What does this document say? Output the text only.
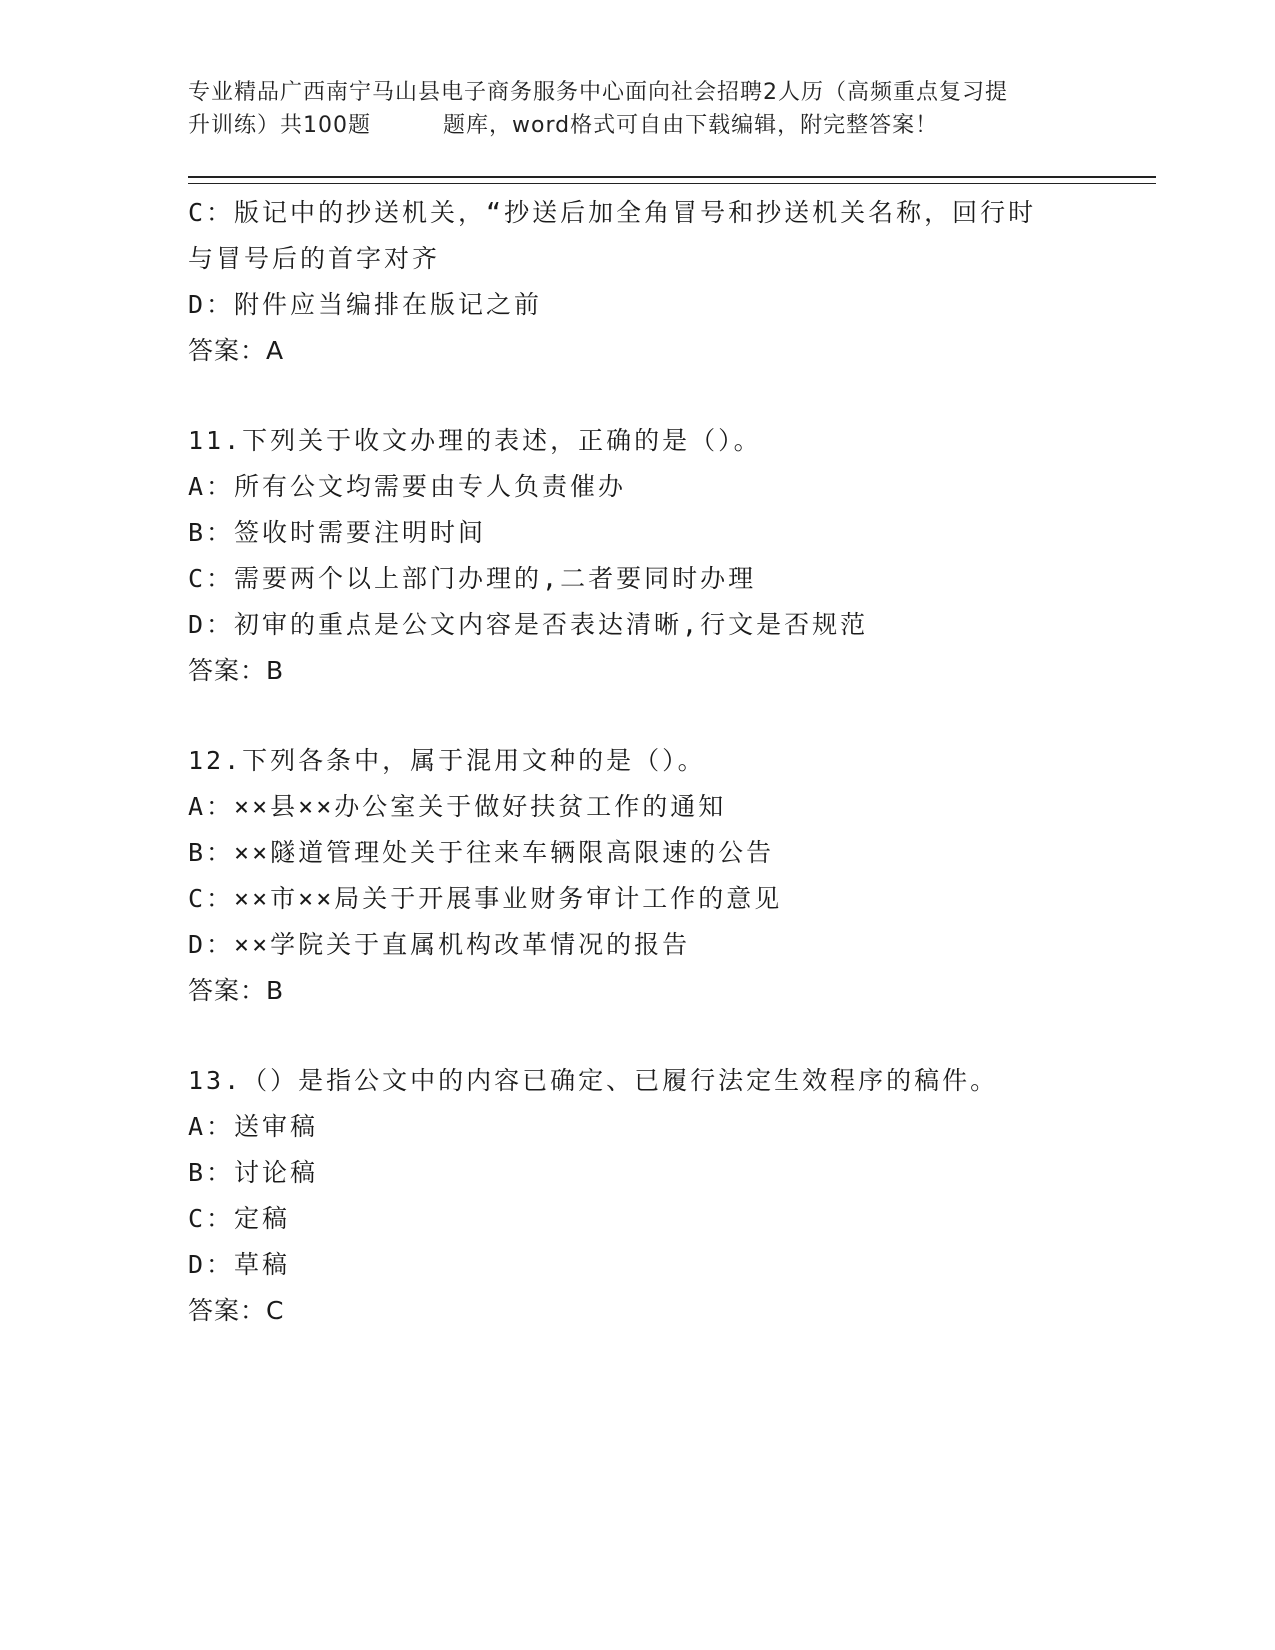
专业精品广西南宁马山县电子商务服务中心面向社会招聘2人历（高频重点复习提
升训练）共100题	题库，word格式可自由下载编辑，附完整答案！
C：版记中的抄送机关，“抄送后加全角冒号和抄送机关名称，回行时
与冒号后的首字对齐
D：附件应当编排在版记之前
答案：A
11.下列关于收文办理的表述，正确的是（）。
A：所有公文均需要由专人负责催办
B：签收时需要注明时间
C：需要两个以上部门办理的,二者要同时办理
D：初审的重点是公文内容是否表达清晰,行文是否规范
答案：B
12.下列各条中，属于混用文种的是（）。
A：××县××办公室关于做好扶贫工作的通知
B：××隧道管理处关于往来车辆限高限速的公告
C：××市××局关于开展事业财务审计工作的意见
D：××学院关于直属机构改革情况的报告
答案：B
13.（）是指公文中的内容已确定、已履行法定生效程序的稿件。
A：送审稿
B：讨论稿
C：定稿
D：草稿
答案：C
